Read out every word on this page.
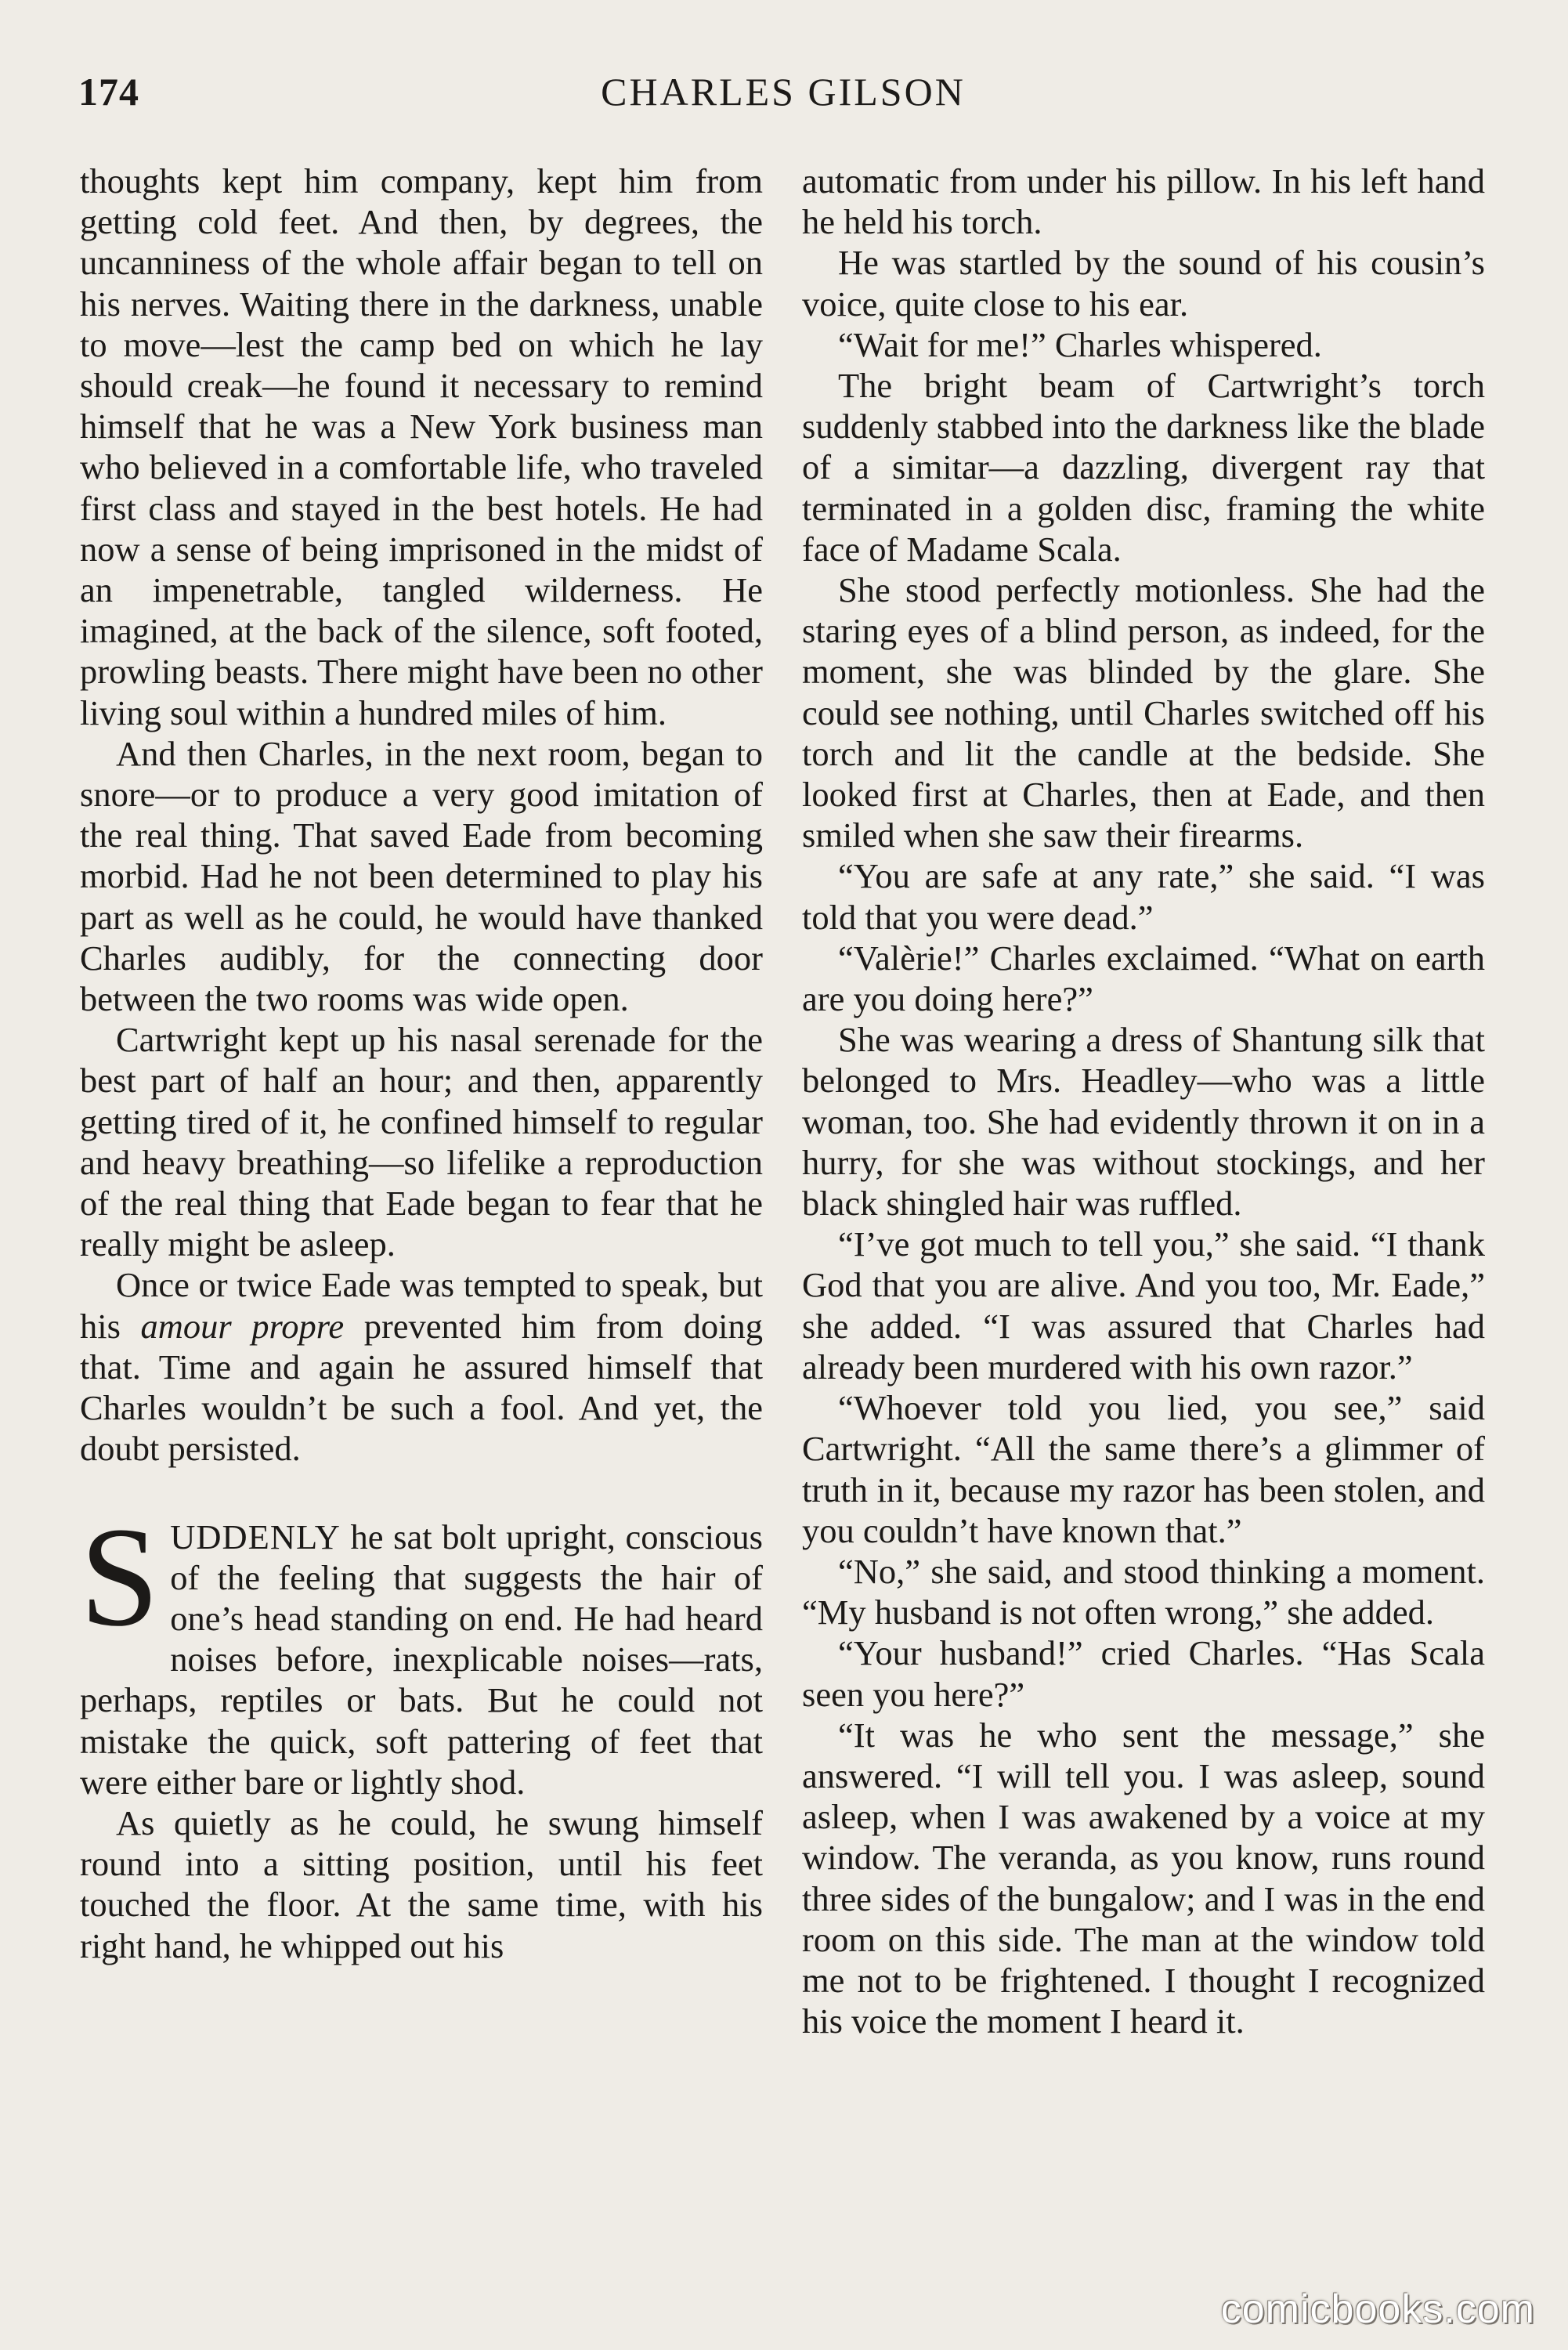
174	CHARLES GILSON

thoughts kept him company, kept him from getting cold feet. And then, by degrees, the uncanniness of the whole affair began to tell on his nerves. Waiting there in the darkness, unable to move—lest the camp bed on which he lay should creak—he found it necessary to remind himself that he was a New York business man who believed in a comfortable life, who traveled first class and stayed in the best hotels. He had now a sense of being imprisoned in the midst of an impenetrable, tangled wilderness. He imagined, at the back of the silence, soft footed, prowling beasts. There might have been no other living soul within a hundred miles of him.

And then Charles, in the next room, began to snore—or to produce a very good imitation of the real thing. That saved Eade from becoming morbid. Had he not been determined to play his part as well as he could, he would have thanked Charles audibly, for the connecting door between the two rooms was wide open.

Cartwright kept up his nasal serenade for the best part of half an hour; and then, apparently getting tired of it, he confined himself to regular and heavy breathing—so lifelike a reproduction of the real thing that Eade began to fear that he really might be asleep.

Once or twice Eade was tempted to speak, but his amour propre prevented him from doing that. Time and again he assured himself that Charles wouldn’t be such a fool. And yet, the doubt persisted.

SUDDENLY he sat bolt upright, conscious of the feeling that suggests the hair of one’s head standing on end. He had heard noises before, inexplicable noises—rats, perhaps, reptiles or bats. But he could not mistake the quick, soft pattering of feet that were either bare or lightly shod.

As quietly as he could, he swung himself round into a sitting position, until his feet touched the floor. At the same time, with his right hand, he whipped out his

automatic from under his pillow. In his left hand he held his torch.

He was startled by the sound of his cousin’s voice, quite close to his ear.

“Wait for me!” Charles whispered.

The bright beam of Cartwright’s torch suddenly stabbed into the darkness like the blade of a simitar—a dazzling, divergent ray that terminated in a golden disc, framing the white face of Madame Scala.

She stood perfectly motionless. She had the staring eyes of a blind person, as indeed, for the moment, she was blinded by the glare. She could see nothing, until Charles switched off his torch and lit the candle at the bedside. She looked first at Charles, then at Eade, and then smiled when she saw their firearms.

“You are safe at any rate,” she said. “I was told that you were dead.”

“Valèrie!” Charles exclaimed. “What on earth are you doing here?”

She was wearing a dress of Shantung silk that belonged to Mrs. Headley—who was a little woman, too. She had evidently thrown it on in a hurry, for she was without stockings, and her black shingled hair was ruffled.

“I’ve got much to tell you,” she said. “I thank God that you are alive. And you too, Mr. Eade,” she added. “I was assured that Charles had already been murdered with his own razor.”

“Whoever told you lied, you see,” said Cartwright. “All the same there’s a glimmer of truth in it, because my razor has been stolen, and you couldn’t have known that.”

“No,” she said, and stood thinking a moment. “My husband is not often wrong,” she added.

“Your husband!” cried Charles. “Has Scala seen you here?”

“It was he who sent the message,” she answered. “I will tell you. I was asleep, sound asleep, when I was awakened by a voice at my window. The veranda, as you know, runs round three sides of the bungalow; and I was in the end room on this side. The man at the window told me not to be frightened. I thought I recognized his voice the moment I heard it.

comicbooks.com
